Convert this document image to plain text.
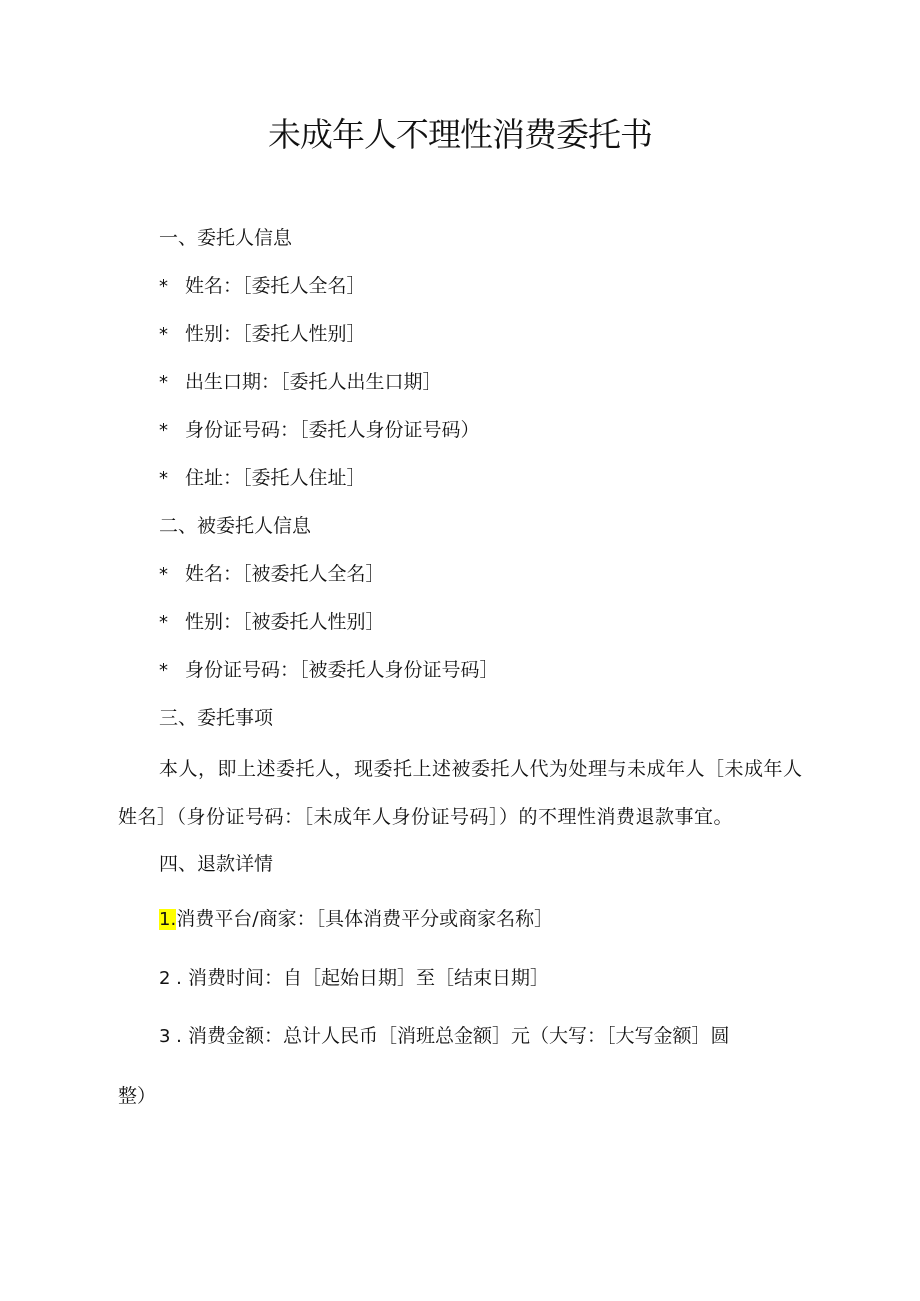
未成年人不理性消费委托书
一、委托人信息
* 姓名：［委托人全名］
* 性别：［委托人性别］
* 出生口期：［委托人出生口期］
* 身份证号码：［委托人身份证号码）
* 住址：［委托人住址］
二、被委托人信息
* 姓名：［被委托人全名］
* 性别：［被委托人性别］
* 身份证号码：［被委托人身份证号码］
三、委托事项
本人，即上述委托人，现委托上述被委托人代为处理与未成年人［未成年人姓名］（身份证号码：［未成年人身份证号码］）的不理性消费退款事宜。
四、退款详情
1.消费平台/商家：［具体消费平分或商家名称］
2 . 消费时间：自［起始日期］至［结束日期］
3 . 消费金额：总计人民币［消班总金额］元（大写：［大写金额］圆
整）
